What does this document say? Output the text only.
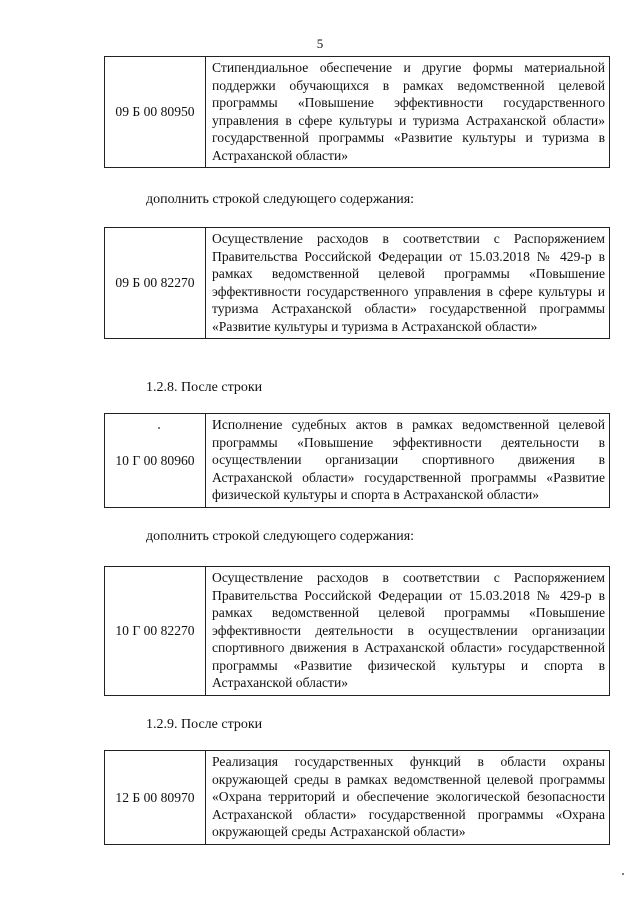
5
09 Б 00 80950	Стипендиальное обеспечение и другие формы материальной поддержки обучающихся в рамках ведомственной целевой программы «Повышение эффективности государственного управления в сфере культуры и туризма Астраханской области» государственной программы «Развитие культуры и туризма в Астраханской области»

дополнить строкой следующего содержания:

09 Б 00 82270	Осуществление расходов в соответствии с Распоряжением Правительства Российской Федерации от 15.03.2018 № 429-р в рамках ведомственной целевой программы «Повышение эффективности государственного управления в сфере культуры и туризма Астраханской области» государственной программы «Развитие культуры и туризма в Астраханской области»

1.2.8. После строки

10 Г 00 80960	Исполнение судебных актов в рамках ведомственной целевой программы «Повышение эффективности деятельности в осуществлении организации спортивного движения в Астраханской области» государственной программы «Развитие физической культуры и спорта в Астраханской области»

дополнить строкой следующего содержания:

10 Г 00 82270	Осуществление расходов в соответствии с Распоряжением Правительства Российской Федерации от 15.03.2018 № 429-р в рамках ведомственной целевой программы «Повышение эффективности деятельности в осуществлении организации спортивного движения в Астраханской области» государственной программы «Развитие физической культуры и спорта в Астраханской области»

1.2.9. После строки

12 Б 00 80970	Реализация государственных функций в области охраны окружающей среды в рамках ведомственной целевой программы «Охрана территорий и обеспечение экологической безопасности Астраханской области» государственной программы «Охрана окружающей среды Астраханской области»
